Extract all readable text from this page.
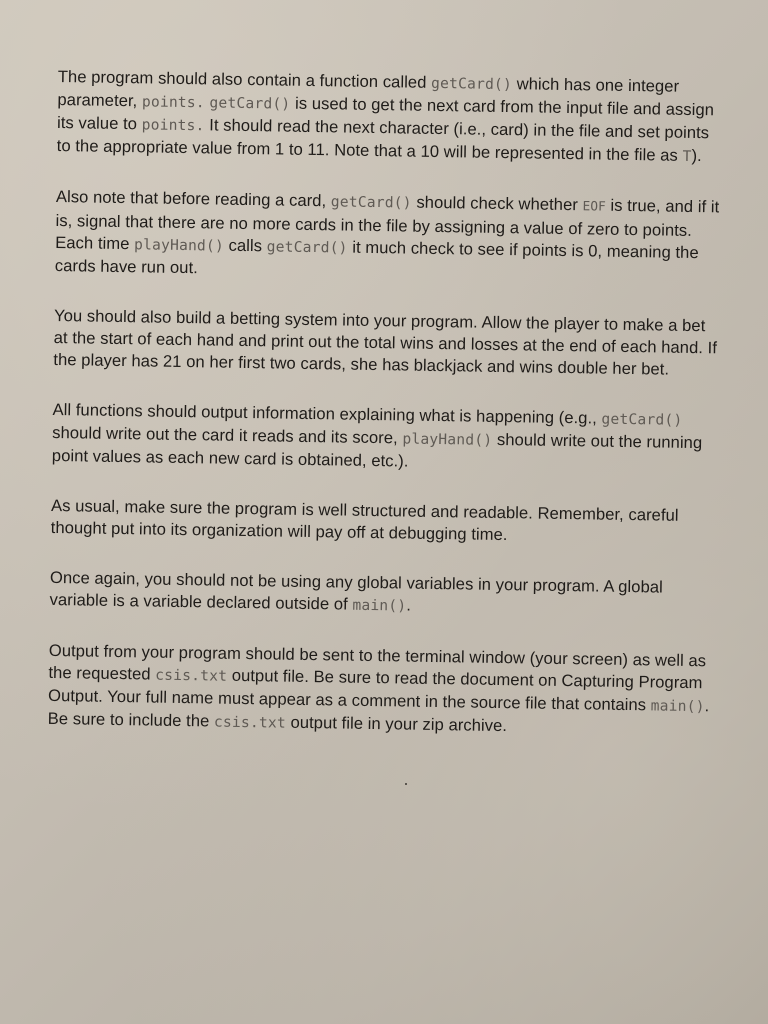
The program should also contain a function called getCard() which has one integer parameter, points. getCard() is used to get the next card from the input file and assign its value to points. It should read the next character (i.e., card) in the file and set points to the appropriate value from 1 to 11. Note that a 10 will be represented in the file as T).

Also note that before reading a card, getCard() should check whether EOF is true, and if it is, signal that there are no more cards in the file by assigning a value of zero to points. Each time playHand() calls getCard() it much check to see if points is 0, meaning the cards have run out.

You should also build a betting system into your program. Allow the player to make a bet at the start of each hand and print out the total wins and losses at the end of each hand. If the player has 21 on her first two cards, she has blackjack and wins double her bet.

All functions should output information explaining what is happening (e.g., getCard() should write out the card it reads and its score, playHand() should write out the running point values as each new card is obtained, etc.).

As usual, make sure the program is well structured and readable. Remember, careful thought put into its organization will pay off at debugging time.

Once again, you should not be using any global variables in your program. A global variable is a variable declared outside of main().

Output from your program should be sent to the terminal window (your screen) as well as the requested csis.txt output file. Be sure to read the document on Capturing Program Output. Your full name must appear as a comment in the source file that contains main(). Be sure to include the csis.txt output file in your zip archive.
